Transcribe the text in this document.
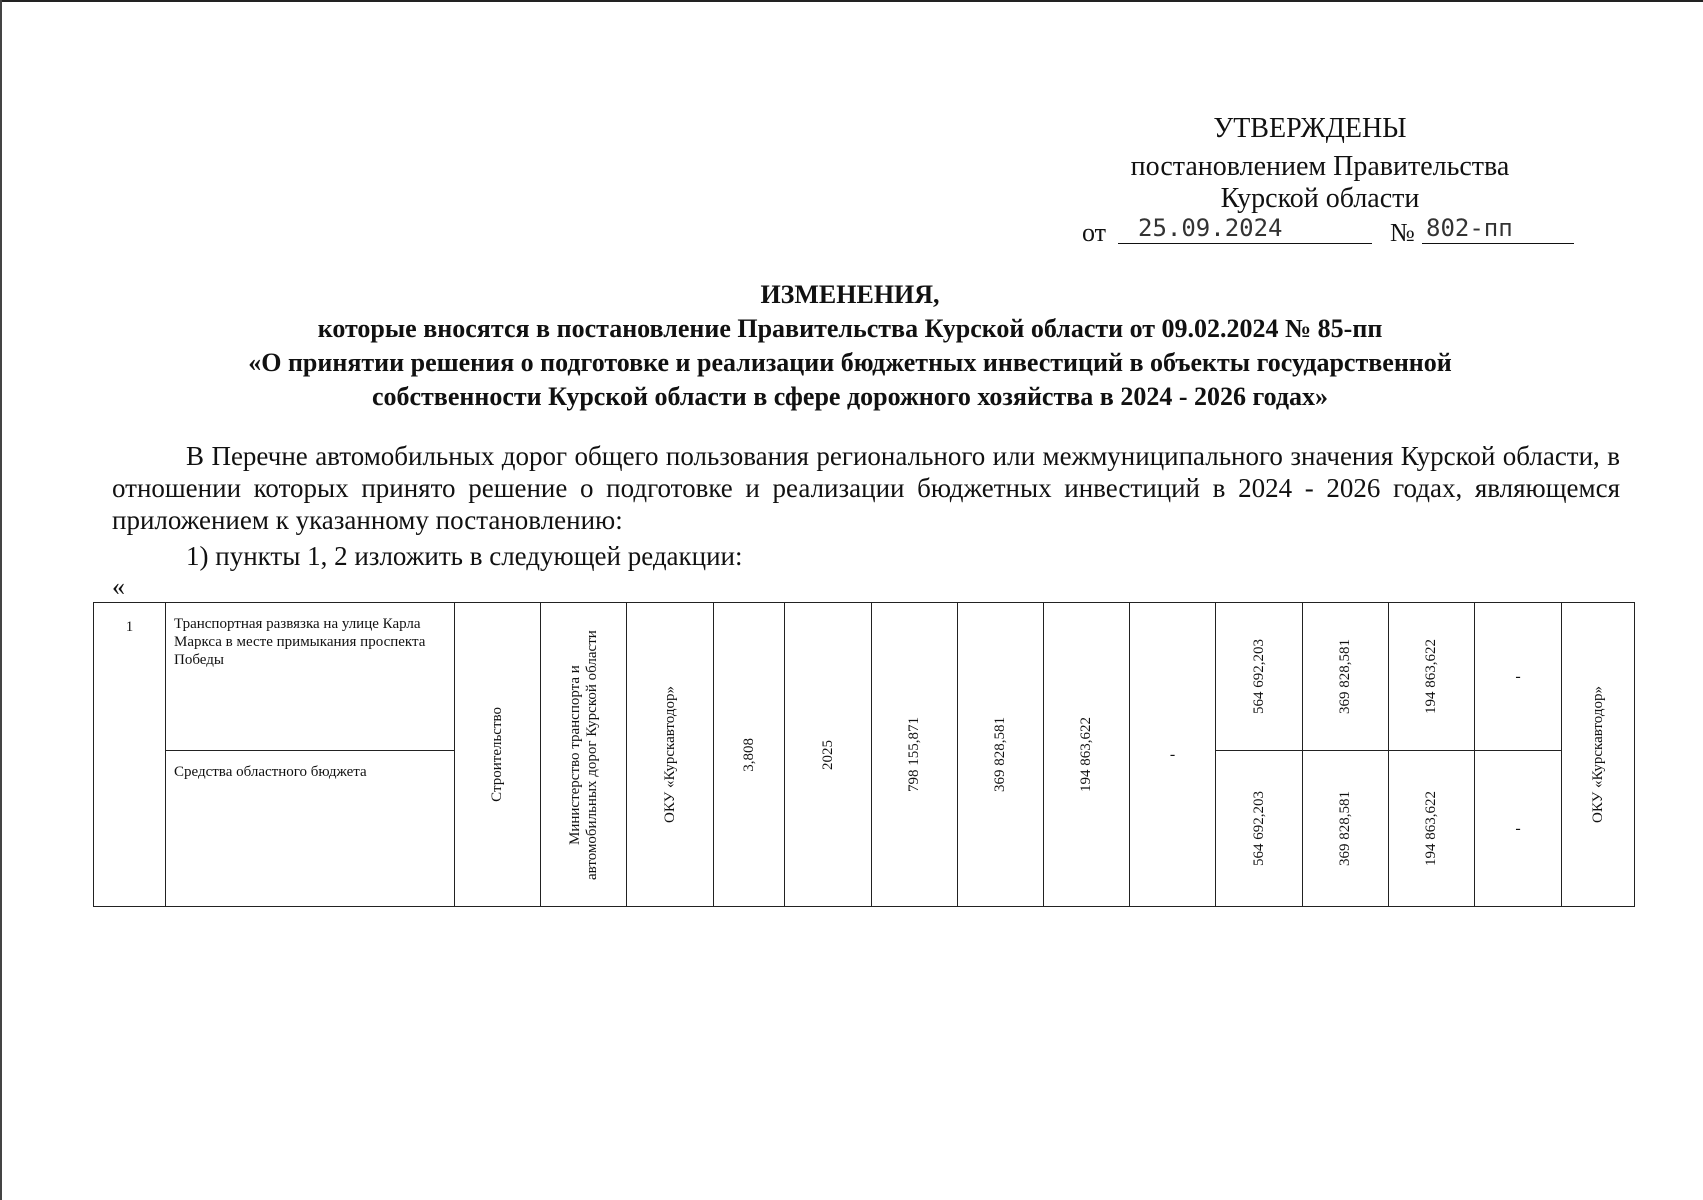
УТВЕРЖДЕНЫ
постановлением Правительства
Курской области
от	25.09.2024	№ 802-пп
ИЗМЕНЕНИЯ,
которые вносятся в постановление Правительства Курской области от 09.02.2024 № 85-пп
«О принятии решения о подготовке и реализации бюджетных инвестиций в объекты государственной
собственности Курской области в сфере дорожного хозяйства в 2024 - 2026 годах»
В Перечне автомобильных дорог общего пользования регионального или межмуниципального значения Курской области, в отношении которых принято решение о подготовке и реализации бюджетных инвестиций в 2024 - 2026 годах, являющемся приложением к указанному постановлению:
1) пункты 1, 2 изложить в следующей редакции:
«
1	Транспортная развязка на улице Карла Маркса в месте примыкания проспекта Победы	Строительство	Министерство транспорта и автомобильных дорог Курской области	ОКУ «Курскавтодор»	3,808	2025	798 155,871	369 828,581	194 863,622	-	564 692,203	369 828,581	194 863,622	-	ОКУ «Курскавтодор»

	Средства областного бюджета										564 692,203	369 828,581	194 863,622	-	
